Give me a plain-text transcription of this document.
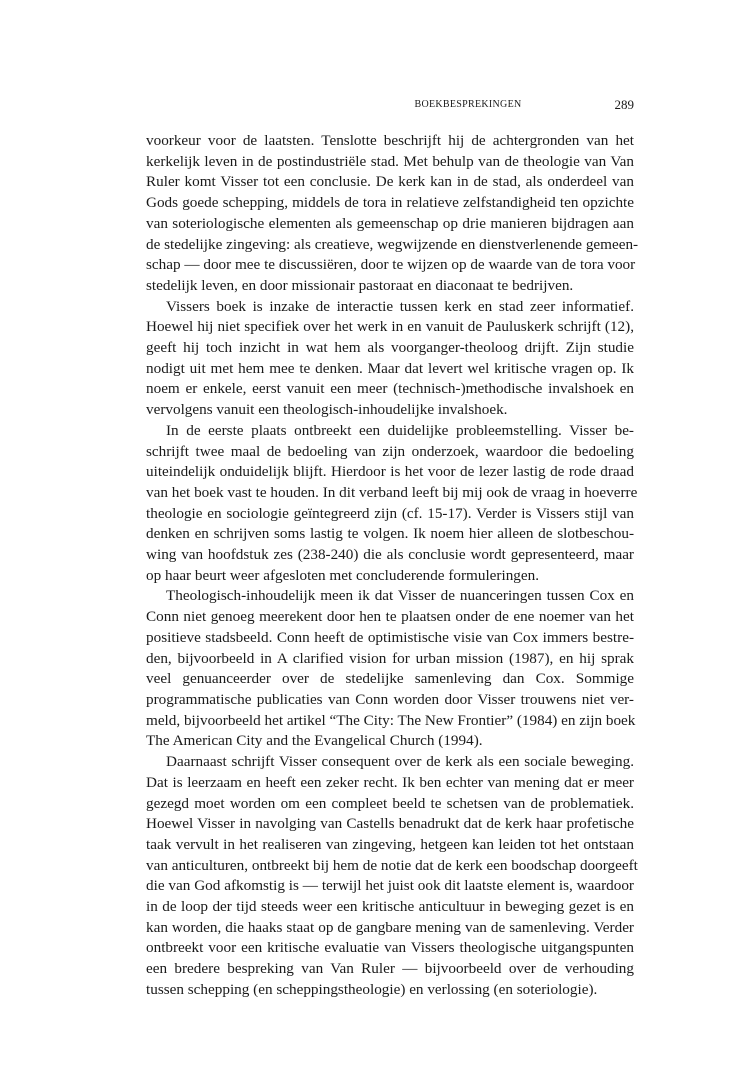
BOEKBESPREKINGEN	289
voorkeur voor de laatsten. Tenslotte beschrijft hij de achtergronden van het
kerkelijk leven in de postindustriële stad. Met behulp van de theologie van Van
Ruler komt Visser tot een conclusie. De kerk kan in de stad, als onderdeel van
Gods goede schepping, middels de tora in relatieve zelfstandigheid ten opzichte
van soteriologische elementen als gemeenschap op drie manieren bijdragen aan
de stedelijke zingeving: als creatieve, wegwijzende en dienstverlenende gemeen-
schap — door mee te discussiëren, door te wijzen op de waarde van de tora voor
stedelijk leven, en door missionair pastoraat en diaconaat te bedrijven.
Vissers boek is inzake de interactie tussen kerk en stad zeer informatief.
Hoewel hij niet specifiek over het werk in en vanuit de Pauluskerk schrijft (12),
geeft hij toch inzicht in wat hem als voorganger-theoloog drijft. Zijn studie
nodigt uit met hem mee te denken. Maar dat levert wel kritische vragen op. Ik
noem er enkele, eerst vanuit een meer (technisch-)methodische invalshoek en
vervolgens vanuit een theologisch-inhoudelijke invalshoek.
In de eerste plaats ontbreekt een duidelijke probleemstelling. Visser be-
schrijft twee maal de bedoeling van zijn onderzoek, waardoor die bedoeling
uiteindelijk onduidelijk blijft. Hierdoor is het voor de lezer lastig de rode draad
van het boek vast te houden. In dit verband leeft bij mij ook de vraag in hoeverre
theologie en sociologie geïntegreerd zijn (cf. 15-17). Verder is Vissers stijl van
denken en schrijven soms lastig te volgen. Ik noem hier alleen de slotbeschou-
wing van hoofdstuk zes (238-240) die als conclusie wordt gepresenteerd, maar
op haar beurt weer afgesloten met concluderende formuleringen.
Theologisch-inhoudelijk meen ik dat Visser de nuanceringen tussen Cox en
Conn niet genoeg meerekent door hen te plaatsen onder de ene noemer van het
positieve stadsbeeld. Conn heeft de optimistische visie van Cox immers bestre-
den, bijvoorbeeld in A clarified vision for urban mission (1987), en hij sprak
veel genuanceerder over de stedelijke samenleving dan Cox. Sommige
programmatische publicaties van Conn worden door Visser trouwens niet ver-
meld, bijvoorbeeld het artikel “The City: The New Frontier” (1984) en zijn boek
The American City and the Evangelical Church (1994).
Daarnaast schrijft Visser consequent over de kerk als een sociale beweging.
Dat is leerzaam en heeft een zeker recht. Ik ben echter van mening dat er meer
gezegd moet worden om een compleet beeld te schetsen van de problematiek.
Hoewel Visser in navolging van Castells benadrukt dat de kerk haar profetische
taak vervult in het realiseren van zingeving, hetgeen kan leiden tot het ontstaan
van anticulturen, ontbreekt bij hem de notie dat de kerk een boodschap doorgeeft
die van God afkomstig is — terwijl het juist ook dit laatste element is, waardoor
in de loop der tijd steeds weer een kritische anticultuur in beweging gezet is en
kan worden, die haaks staat op de gangbare mening van de samenleving. Verder
ontbreekt voor een kritische evaluatie van Vissers theologische uitgangspunten
een bredere bespreking van Van Ruler — bijvoorbeeld over de verhouding
tussen schepping (en scheppingstheologie) en verlossing (en soteriologie).
